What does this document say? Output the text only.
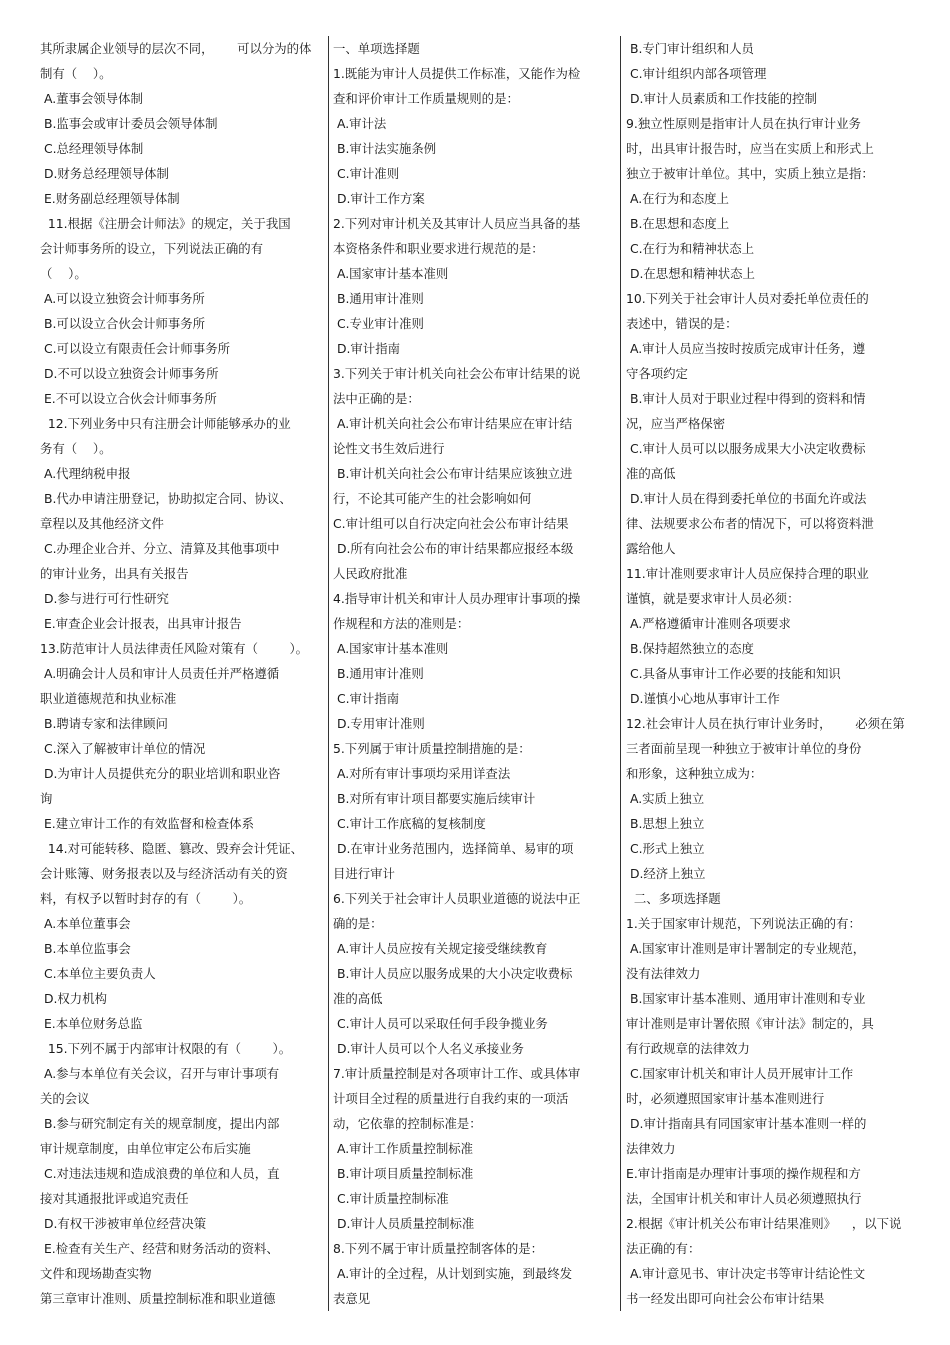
其所隶属企业领导的层次不同，      可以分为的体
制有（    ）。
A.董事会领导体制
B.监事会或审计委员会领导体制
C.总经理领导体制
D.财务总经理领导体制
E.财务副总经理领导体制
11.根据《注册会计师法》的规定，关于我国
会计师事务所的设立，下列说法正确的有
（    ）。
A.可以设立独资会计师事务所
B.可以设立合伙会计师事务所
C.可以设立有限责任会计师事务所
D.不可以设立独资会计师事务所
E.不可以设立合伙会计师事务所
12.下列业务中只有注册会计师能够承办的业
务有（    ）。
A.代理纳税申报
B.代办申请注册登记，协助拟定合同、协议、
章程以及其他经济文件
C.办理企业合并、分立、清算及其他事项中
的审计业务，出具有关报告
D.参与进行可行性研究
E.审查企业会计报表，出具审计报告
13.防范审计人员法律责任风险对策有（        ）。
A.明确会计人员和审计人员责任并严格遵循
职业道德规范和执业标准
B.聘请专家和法律顾问
C.深入了解被审计单位的情况
D.为审计人员提供充分的职业培训和职业咨
询
E.建立审计工作的有效监督和检查体系
14.对可能转移、隐匿、篡改、毁弃会计凭证、
会计账簿、财务报表以及与经济活动有关的资
料，有权予以暂时封存的有（        ）。
A.本单位董事会
B.本单位监事会
C.本单位主要负责人
D.权力机构
E.本单位财务总监
15.下列不属于内部审计权限的有（        ）。
A.参与本单位有关会议，召开与审计事项有
关的会议
B.参与研究制定有关的规章制度，提出内部
审计规章制度，由单位审定公布后实施
C.对违法违规和造成浪费的单位和人员，直
接对其通报批评或追究责任
D.有权干涉被审单位经营决策
E.检查有关生产、经营和财务活动的资料、
文件和现场勘查实物
第三章审计准则、质量控制标准和职业道德
一、单项选择题
1.既能为审计人员提供工作标准，又能作为检
查和评价审计工作质量规则的是：
A.审计法
B.审计法实施条例
C.审计准则
D.审计工作方案
2.下列对审计机关及其审计人员应当具备的基
本资格条件和职业要求进行规范的是：
A.国家审计基本准则
B.通用审计准则
C.专业审计准则
D.审计指南
3.下列关于审计机关向社会公布审计结果的说
法中正确的是：
A.审计机关向社会公布审计结果应在审计结
论性文书生效后进行
B.审计机关向社会公布审计结果应该独立进
行，不论其可能产生的社会影响如何
C.审计组可以自行决定向社会公布审计结果
D.所有向社会公布的审计结果都应报经本级
人民政府批准
4.指导审计机关和审计人员办理审计事项的操
作规程和方法的准则是：
A.国家审计基本准则
B.通用审计准则
C.审计指南
D.专用审计准则
5.下列属于审计质量控制措施的是：
A.对所有审计事项均采用详查法
B.对所有审计项目都要实施后续审计
C.审计工作底稿的复核制度
D.在审计业务范围内，选择简单、易审的项
目进行审计
6.下列关于社会审计人员职业道德的说法中正
确的是：
A.审计人员应按有关规定接受继续教育
B.审计人员应以服务成果的大小决定收费标
准的高低
C.审计人员可以采取任何手段争揽业务
D.审计人员可以个人名义承接业务
7.审计质量控制是对各项审计工作、或具体审
计项目全过程的质量进行自我约束的一项活
动，它依靠的控制标准是：
A.审计工作质量控制标准
B.审计项目质量控制标准
C.审计质量控制标准
D.审计人员质量控制标准
8.下列不属于审计质量控制客体的是：
A.审计的全过程，从计划到实施，到最终发
表意见
B.专门审计组织和人员
C.审计组织内部各项管理
D.审计人员素质和工作技能的控制
9.独立性原则是指审计人员在执行审计业务
时，出具审计报告时，应当在实质上和形式上
独立于被审计单位。其中，实质上独立是指：
A.在行为和态度上
B.在思想和态度上
C.在行为和精神状态上
D.在思想和精神状态上
10.下列关于社会审计人员对委托单位责任的
表述中，错误的是：
A.审计人员应当按时按质完成审计任务，遵
守各项约定
B.审计人员对于职业过程中得到的资料和情
况，应当严格保密
C.审计人员可以以服务成果大小决定收费标
准的高低
D.审计人员在得到委托单位的书面允许或法
律、法规要求公布者的情况下，可以将资料泄
露给他人
11.审计准则要求审计人员应保持合理的职业
谨慎，就是要求审计人员必须：
A.严格遵循审计准则各项要求
B.保持超然独立的态度
C.具备从事审计工作必要的技能和知识
D.谨慎小心地从事审计工作
12.社会审计人员在执行审计业务时，      必须在第
三者面前呈现一种独立于被审计单位的身份
和形象，这种独立成为：
A.实质上独立
B.思想上独立
C.形式上独立
D.经济上独立
二、多项选择题
1.关于国家审计规范，下列说法正确的有：
A.国家审计准则是审计署制定的专业规范，
没有法律效力
B.国家审计基本准则、通用审计准则和专业
审计准则是审计署依照《审计法》制定的，具
有行政规章的法律效力
C.国家审计机关和审计人员开展审计工作
时，必须遵照国家审计基本准则进行
D.审计指南具有同国家审计基本准则一样的
法律效力
E.审计指南是办理审计事项的操作规程和方
法，全国审计机关和审计人员必须遵照执行
2.根据《审计机关公布审计结果准则》    ，以下说
法正确的有：
A.审计意见书、审计决定书等审计结论性文
书一经发出即可向社会公布审计结果
